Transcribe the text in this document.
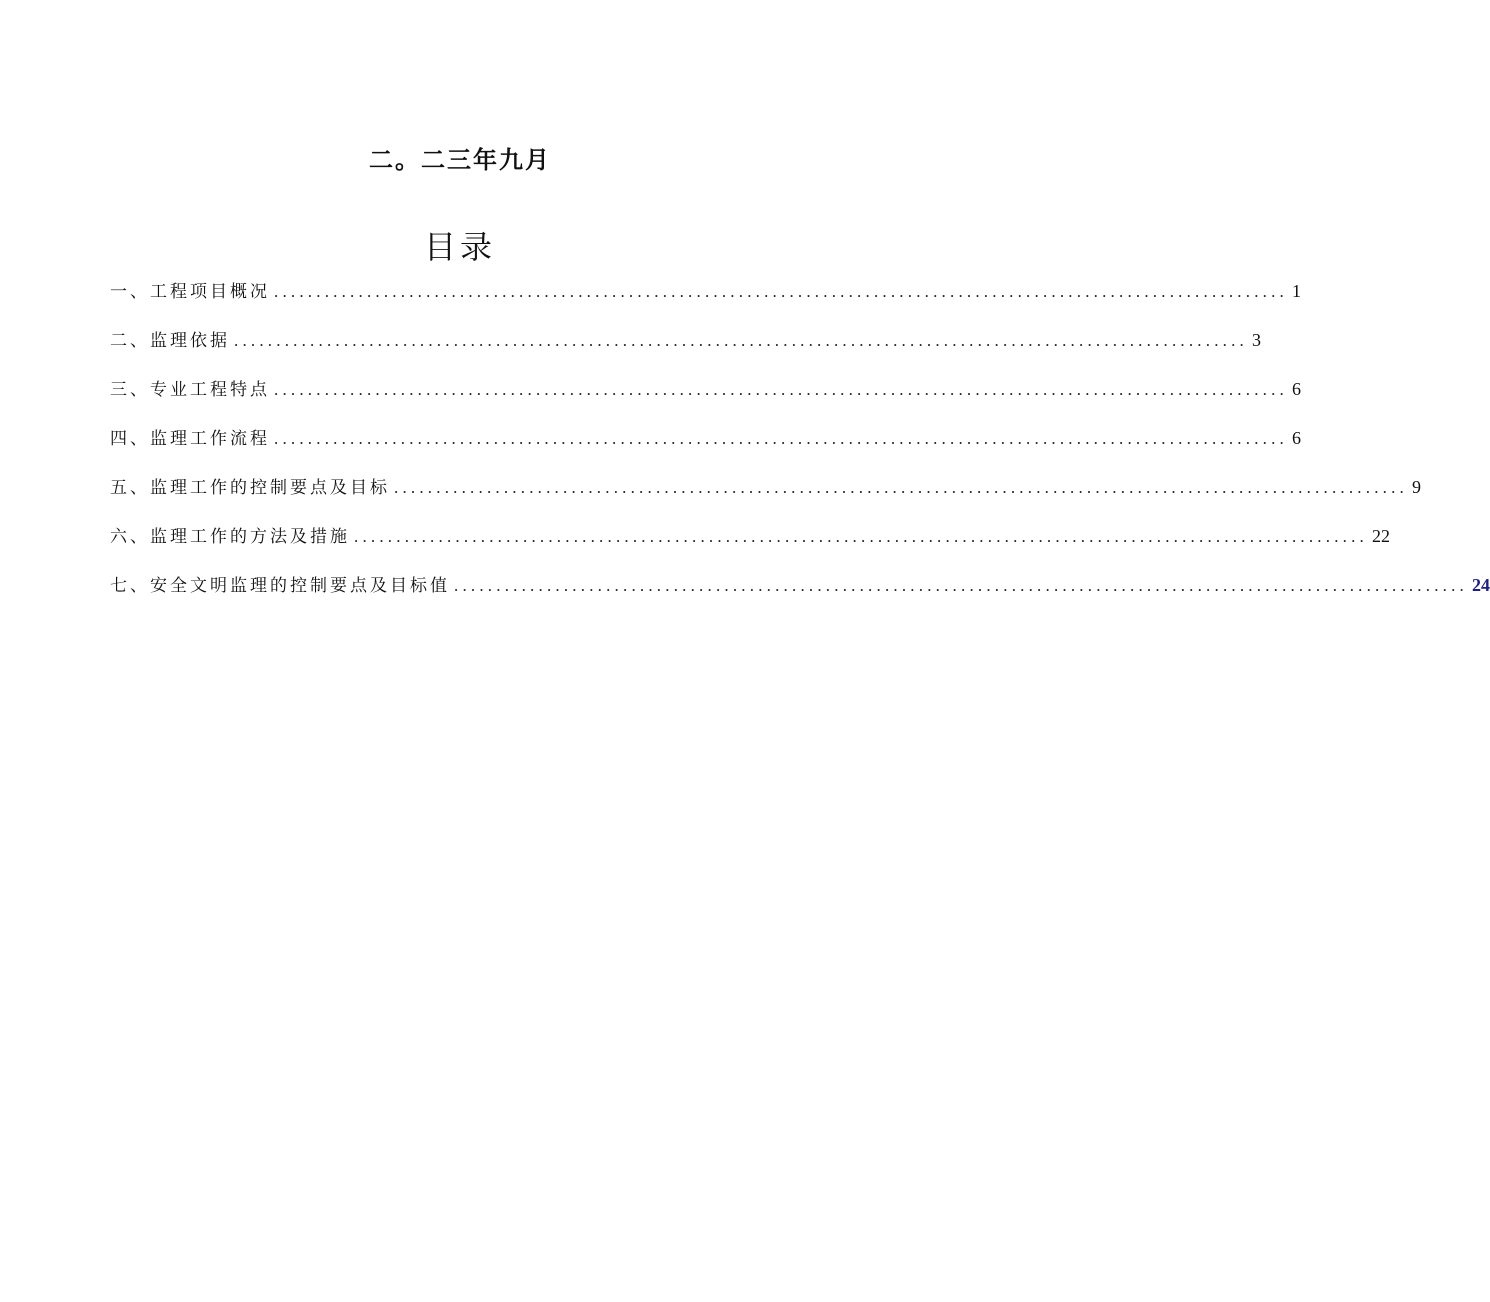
二。二三年九月
目录
一、工程项目概况 ........................................................................................................................ 1
二、监理依据 ........................................................................................................................ 3
三、专业工程特点 ........................................................................................................................ 6
四、监理工作流程 ........................................................................................................................ 6
五、监理工作的控制要点及目标 ........................................................................................................................ 9
六、监理工作的方法及措施 ........................................................................................................................ 22
七、安全文明监理的控制要点及目标值 ........................................................................................................................ 24
